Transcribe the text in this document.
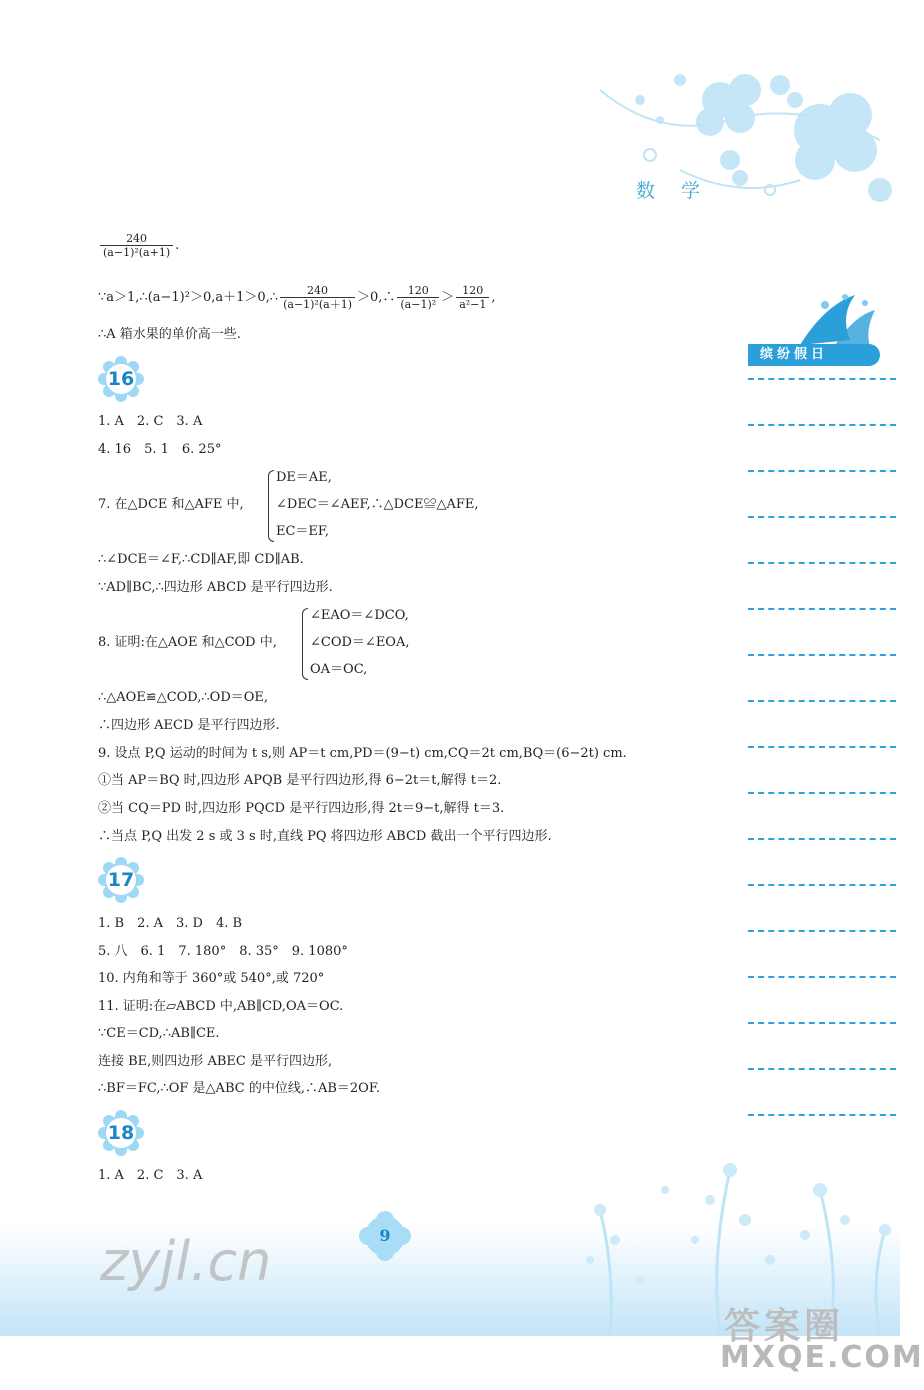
数 学
缤纷假日
$\frac{240}{\text{(a−1)²(a+1)}}$ .
∵a＞1,∴(a−1)²＞0,a＋1＞0,∴ $\frac{240}{\text{(a−1)²(a＋1)}}$ ＞0,∴ $\frac{120}{\text{(a−1)²}} > \frac{120}{\text{a²−1}}$ ,
∴A 箱水果的单价高一些.
16
1. A　2. C　3. A
4. 16　5. 1　6. 25°
7. 在△DCE 和△AFE 中,
DE＝AE,
∠DEC＝∠AEF,∴△DCE≌△AFE,
EC＝EF,
∴∠DCE＝∠F,∴CD∥AF,即 CD∥AB.
∵AD∥BC,∴四边形 ABCD 是平行四边形.
8. 证明:在△AOE 和△COD 中,
∠EAO＝∠DCO,
∠COD＝∠EOA,
OA＝OC,
∴△AOE≌△COD,∴OD＝OE,
∴四边形 AECD 是平行四边形.
9. 设点 P,Q 运动的时间为 t s,则 AP＝t cm,PD＝(9−t) cm,CQ＝2t cm,BQ＝(6−2t) cm.
①当 AP＝BQ 时,四边形 APQB 是平行四边形,得 6−2t＝t,解得 t＝2.
②当 CQ＝PD 时,四边形 PQCD 是平行四边形,得 2t＝9−t,解得 t＝3.
∴当点 P,Q 出发 2 s 或 3 s 时,直线 PQ 将四边形 ABCD 截出一个平行四边形.
17
1. B　2. A　3. D　4. B
5. 八　6. 1　7. 180°　8. 35°　9. 1080°
10. 内角和等于 360°或 540°,或 720°
11. 证明:在▱ABCD 中,AB∥CD,OA＝OC.
∵CE＝CD,∴AB∥CE.
连接 BE,则四边形 ABEC 是平行四边形,
∴BF＝FC,∴OF 是△ABC 的中位线,∴AB＝2OF.
18
1. A　2. C　3. A
9
zyjl.cn
答案圈
MXQE.COM
